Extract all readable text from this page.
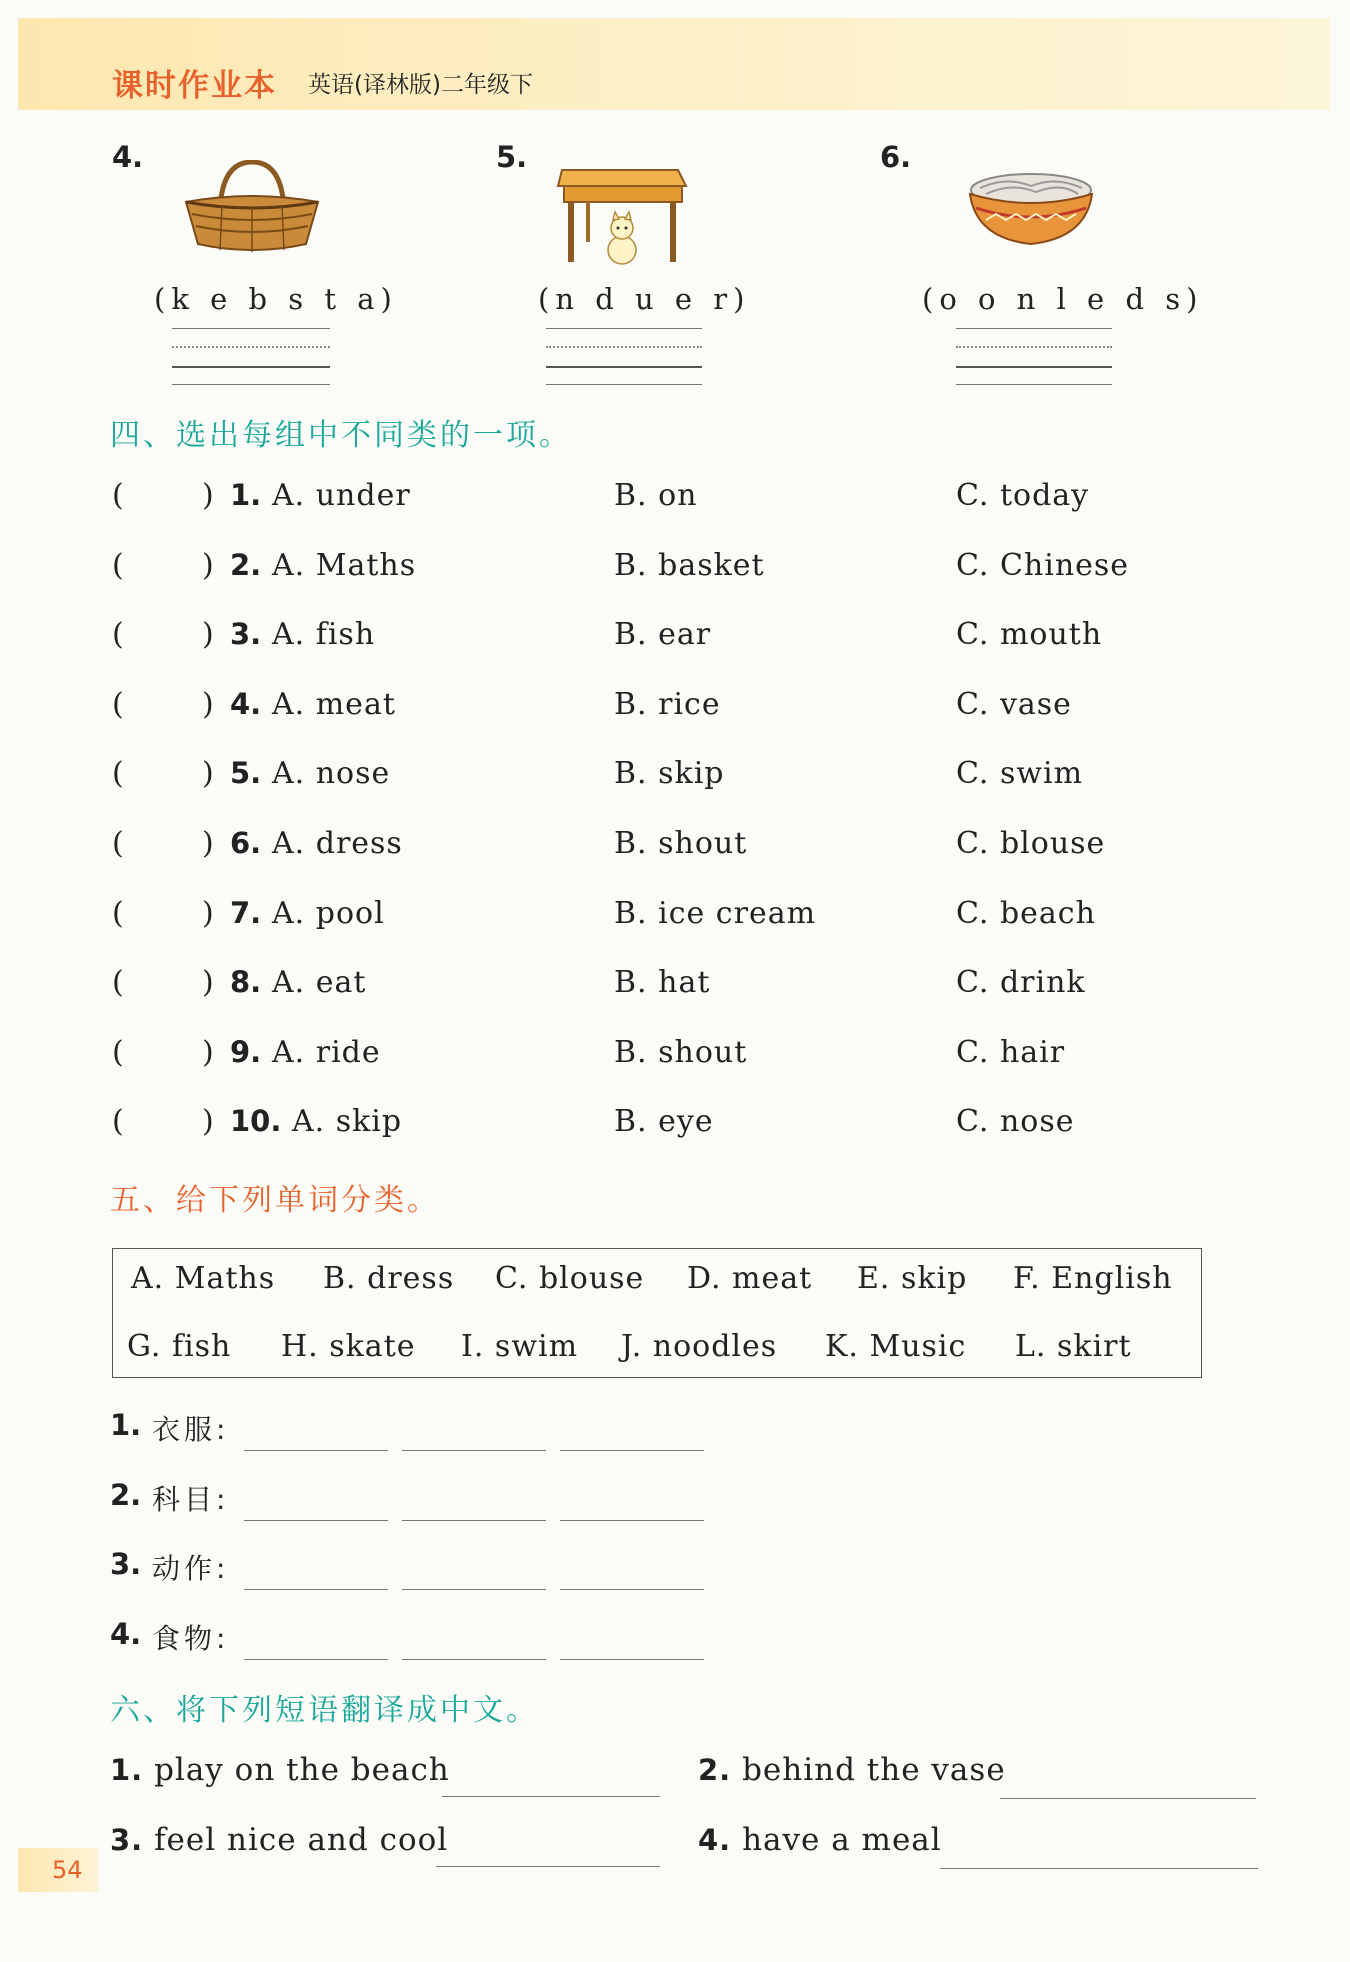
课时作业本 英语(译林版)二年级下
4.	5.	6.
(k e b s t a)	(n d u e r)	(o o n l e d s)
四、选出每组中不同类的一项。
(	) 1. A. under	B. on	C. today
(	) 2. A. Maths	B. basket	C. Chinese
(	) 3. A. fish	B. ear	C. mouth
(	) 4. A. meat	B. rice	C. vase
(	) 5. A. nose	B. skip	C. swim
(	) 6. A. dress	B. shout	C. blouse
(	) 7. A. pool	B. ice cream	C. beach
(	) 8. A. eat	B. hat	C. drink
(	) 9. A. ride	B. shout	C. hair
(	) 10. A. skip	B. eye	C. nose
五、给下列单词分类。
A. Maths B. dress C. blouse D. meat E. skip F. English
G. fish H. skate I. swim J. noodles K. Music L. skirt
1. 衣服:
2. 科目:
3. 动作:
4. 食物:
六、将下列短语翻译成中文。
1. play on the beach	2. behind the vase
3. feel nice and cool	4. have a meal
54
